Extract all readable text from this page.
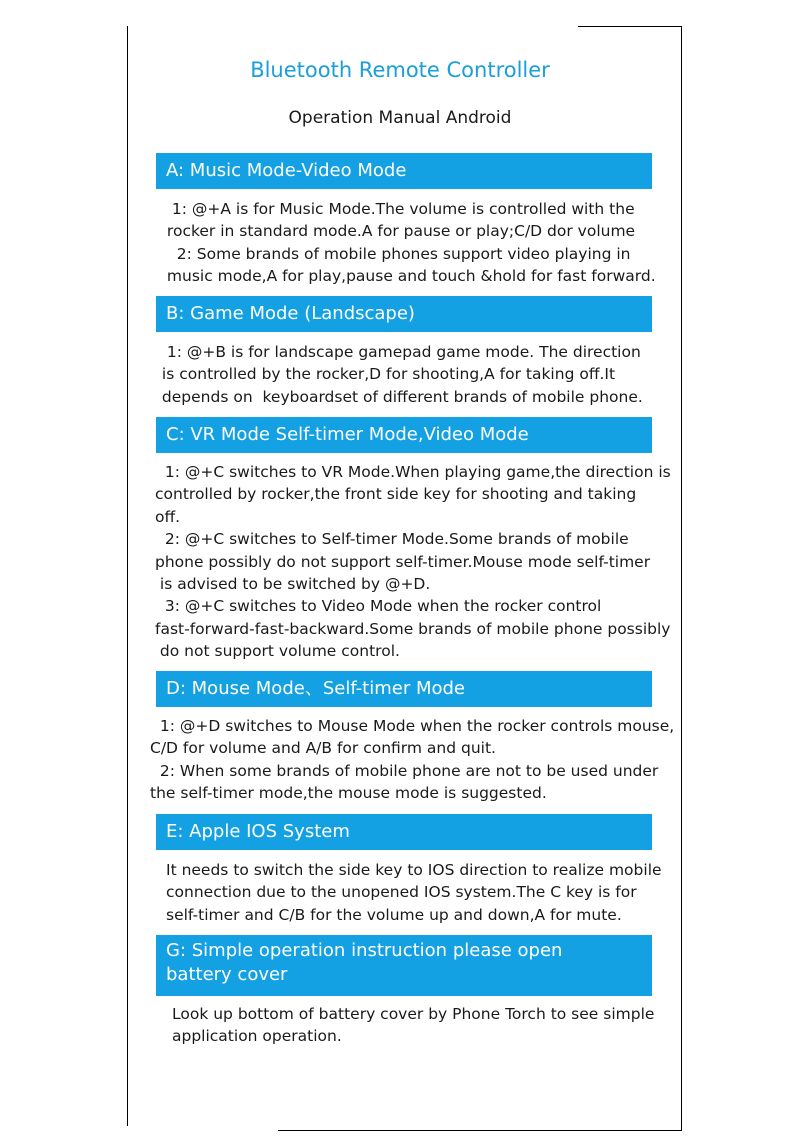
Bluetooth Remote Controller
Operation Manual Android
A: Music Mode-Video Mode
1: @+A is for Music Mode.The volume is controlled with the
rocker in standard mode.A for pause or play;C/D dor volume
2: Some brands of mobile phones support video playing in
music mode,A for play,pause and touch &hold for fast forward.
B: Game Mode (Landscape)
1: @+B is for landscape gamepad game mode. The direction
is controlled by the rocker,D for shooting,A for taking off.It
depends on  keyboardset of different brands of mobile phone.
C: VR Mode Self-timer Mode,Video Mode
1: @+C switches to VR Mode.When playing game,the direction is
controlled by rocker,the front side key for shooting and taking
off.
2: @+C switches to Self-timer Mode.Some brands of mobile
phone possibly do not support self-timer.Mouse mode self-timer
is advised to be switched by @+D.
3: @+C switches to Video Mode when the rocker control
fast-forward-fast-backward.Some brands of mobile phone possibly
do not support volume control.
D: Mouse Mode、Self-timer Mode
1: @+D switches to Mouse Mode when the rocker controls mouse,
C/D for volume and A/B for confirm and quit.
2: When some brands of mobile phone are not to be used under
the self-timer mode,the mouse mode is suggested.
E: Apple IOS System
It needs to switch the side key to IOS direction to realize mobile
connection due to the unopened IOS system.The C key is for
self-timer and C/B for the volume up and down,A for mute.
G: Simple operation instruction please open
battery cover
Look up bottom of battery cover by Phone Torch to see simple
application operation.
